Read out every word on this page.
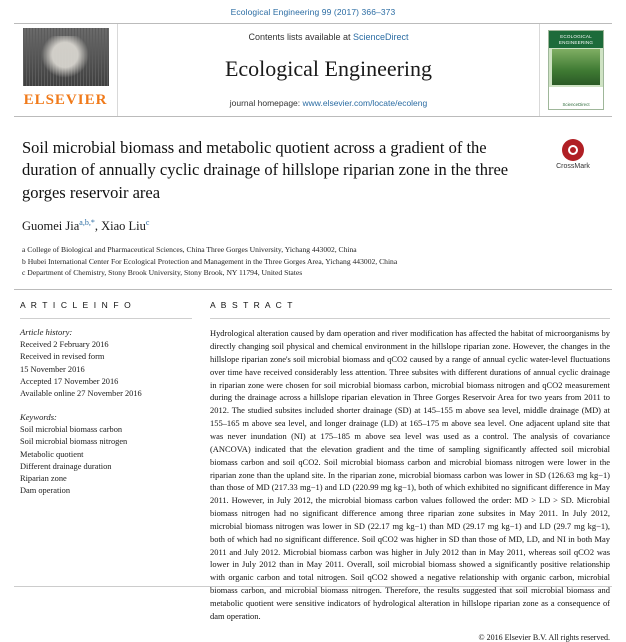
Ecological Engineering 99 (2017) 366–373
ELSEVIER
Contents lists available at ScienceDirect
Ecological Engineering
journal homepage: www.elsevier.com/locate/ecoleng
ECOLOGICAL ENGINEERING
ScienceDirect
Soil microbial biomass and metabolic quotient across a gradient of the duration of annually cyclic drainage of hillslope riparian zone in the three gorges reservoir area
CrossMark
Guomei Jia$^{a,b,*}$, Xiao Liu$^c$
a College of Biological and Pharmaceutical Sciences, China Three Gorges University, Yichang 443002, China
b Hubei International Center For Ecological Protection and Management in the Three Gorges Area, Yichang 443002, China
c Department of Chemistry, Stony Brook University, Stony Brook, NY 11794, United States
A R T I C L E I N F O
Article history:
Received 2 February 2016
Received in revised form
15 November 2016
Accepted 17 November 2016
Available online 27 November 2016
Keywords:
Soil microbial biomass carbon
Soil microbial biomass nitrogen
Metabolic quotient
Different drainage duration
Riparian zone
Dam operation
A B S T R A C T
Hydrological alteration caused by dam operation and river modification has affected the habitat of microorganisms by directly changing soil physical and chemical environment in the hillslope riparian zone. However, the changes in the hillslope riparian zone's soil microbial biomass and qCO2 caused by a range of annual cyclic water-level fluctuations over time have received considerably less attention. Three subsites with different durations of annual cyclic drainage in riparian zone were chosen for soil microbial biomass carbon, microbial biomass nitrogen and qCO2 measurement during the drainage across a hillslope riparian elevation in Three Gorges Reservoir Area for two years from 2011 to 2012. The studied subsites included shorter drainage (SD) at 145–155 m above sea level, middle drainage (MD) at 155–165 m above sea level, and longer drainage (LD) at 165–175 m above sea level. One adjacent upland site that was never inundation (NI) at 175–185 m above sea level was used as a control. The analysis of covariance (ANCOVA) indicated that the elevation gradient and the time of sampling significantly affected soil microbial biomass carbon and soil qCO2. Soil microbial biomass carbon and microbial biomass nitrogen were lower in the riparian zone than the upland site. In the riparian zone, microbial biomass carbon was lower in SD (126.63 mg kg−1) than those of MD (217.33 mg−1) and LD (220.99 mg kg−1), both of which exhibited no significant difference in May 2011. However, in July 2012, the microbial biomass carbon values followed the order: MD > LD > SD. Microbial biomass nitrogen had no significant difference among three riparian zone subsites in May 2011. In July 2012, microbial biomass nitrogen was lower in SD (22.17 mg kg−1) than MD (29.17 mg kg−1) and LD (29.7 mg kg−1), both of which had no significant difference. Soil qCO2 was higher in SD than those of MD, LD, and NI in both May 2011 and July 2012. Microbial biomass carbon was higher in July 2012 than in May 2011, whereas soil qCO2 was lower in July 2012 than in May 2011. Overall, soil microbial biomass showed a significantly positive relationship with organic carbon and total nitrogen. Soil qCO2 showed a negative relationship with organic carbon, microbial biomass carbon, and microbial biomass nitrogen. Therefore, the results suggested that soil microbial biomass and metabolic quotient were sensitive indicators of hydrological alteration in hillslope riparian zone as a consequence of dam operation.
© 2016 Elsevier B.V. All rights reserved.
